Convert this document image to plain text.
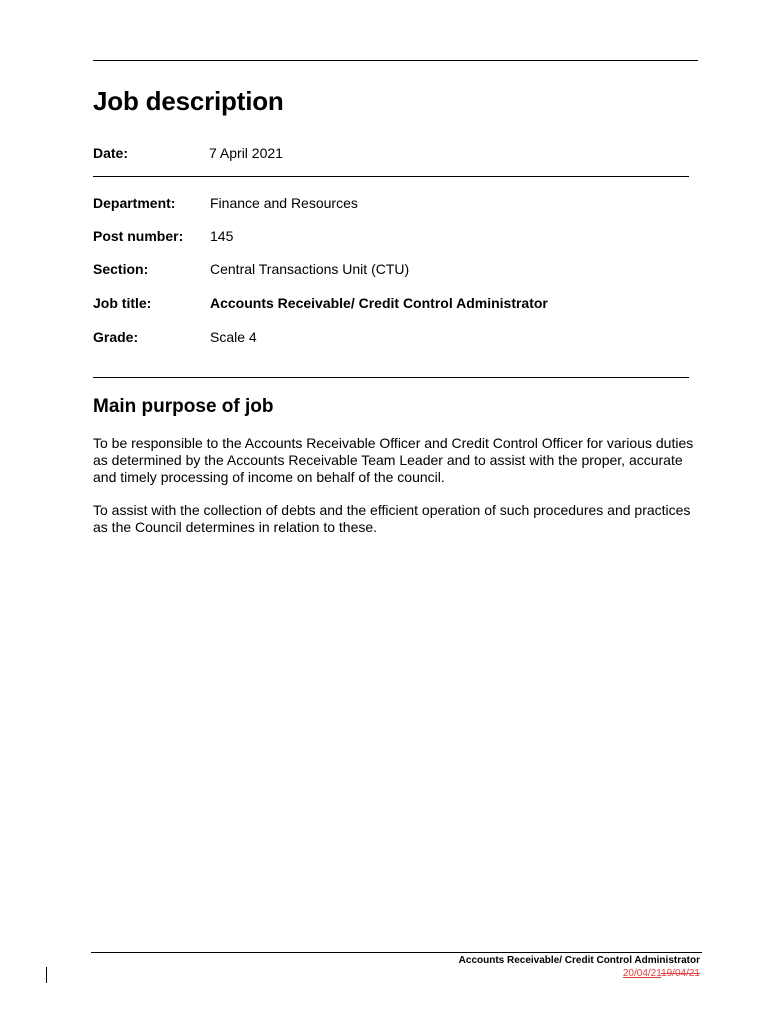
Job description
Date:	7 April 2021
Department: Finance and Resources
Post number: 145
Section:	Central Transactions Unit (CTU)
Job title:	Accounts Receivable/ Credit Control Administrator
Grade:	Scale 4
Main purpose of job

To be responsible to the Accounts Receivable Officer and Credit Control Officer for various duties as determined by the Accounts Receivable Team Leader and to assist with the proper, accurate and timely processing of income on behalf of the council.

To assist with the collection of debts and the efficient operation of such procedures and practices as the Council determines in relation to these.

Accounts Receivable/ Credit Control Administrator
20/04/2119/04/21
